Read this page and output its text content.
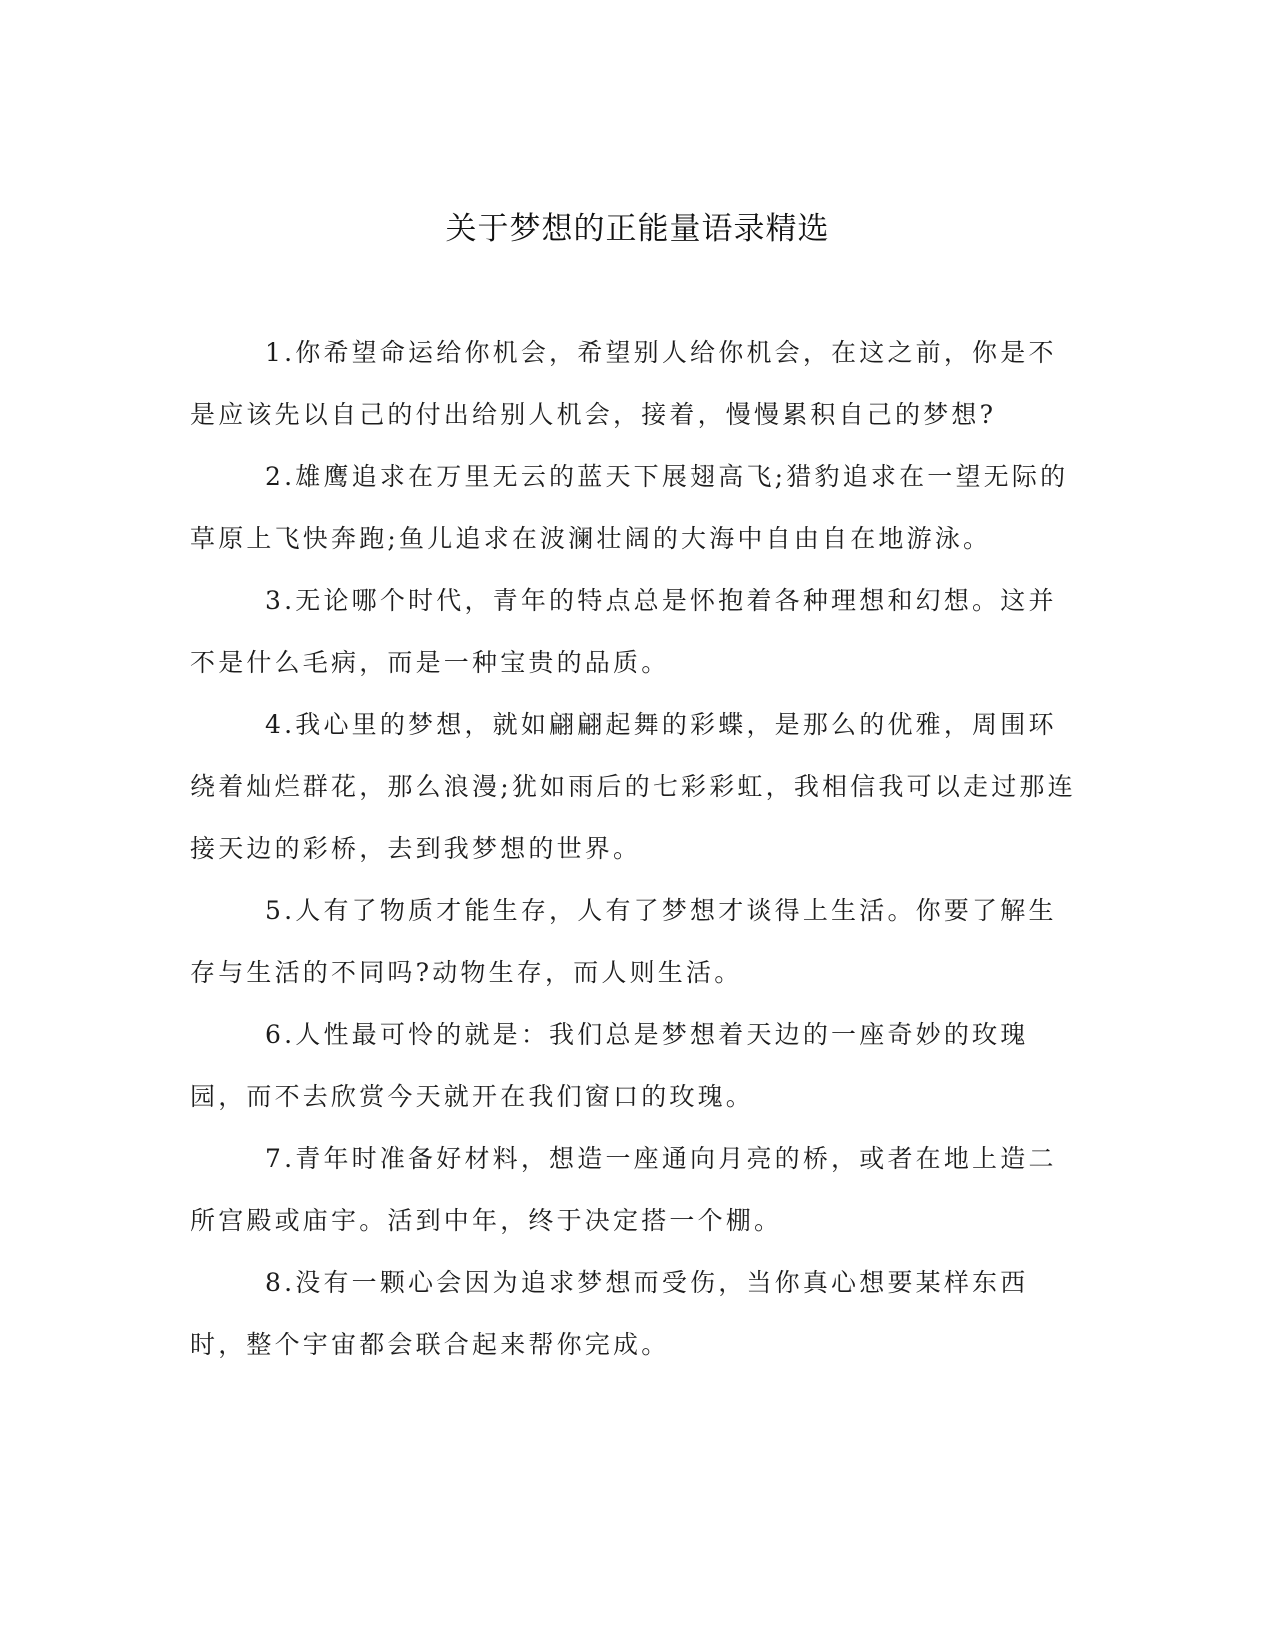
关于梦想的正能量语录精选

1.你希望命运给你机会，希望别人给你机会，在这之前，你是不是应该先以自己的付出给别人机会，接着，慢慢累积自己的梦想?

2.雄鹰追求在万里无云的蓝天下展翅高飞;猎豹追求在一望无际的草原上飞快奔跑;鱼儿追求在波澜壮阔的大海中自由自在地游泳。

3.无论哪个时代，青年的特点总是怀抱着各种理想和幻想。这并不是什么毛病，而是一种宝贵的品质。

4.我心里的梦想，就如翩翩起舞的彩蝶，是那么的优雅，周围环绕着灿烂群花，那么浪漫;犹如雨后的七彩彩虹，我相信我可以走过那连接天边的彩桥，去到我梦想的世界。

5.人有了物质才能生存，人有了梦想才谈得上生活。你要了解生存与生活的不同吗?动物生存，而人则生活。

6.人性最可怜的就是：我们总是梦想着天边的一座奇妙的玫瑰园，而不去欣赏今天就开在我们窗口的玫瑰。

7.青年时准备好材料，想造一座通向月亮的桥，或者在地上造二所宫殿或庙宇。活到中年，终于决定搭一个棚。

8.没有一颗心会因为追求梦想而受伤，当你真心想要某样东西时，整个宇宙都会联合起来帮你完成。
